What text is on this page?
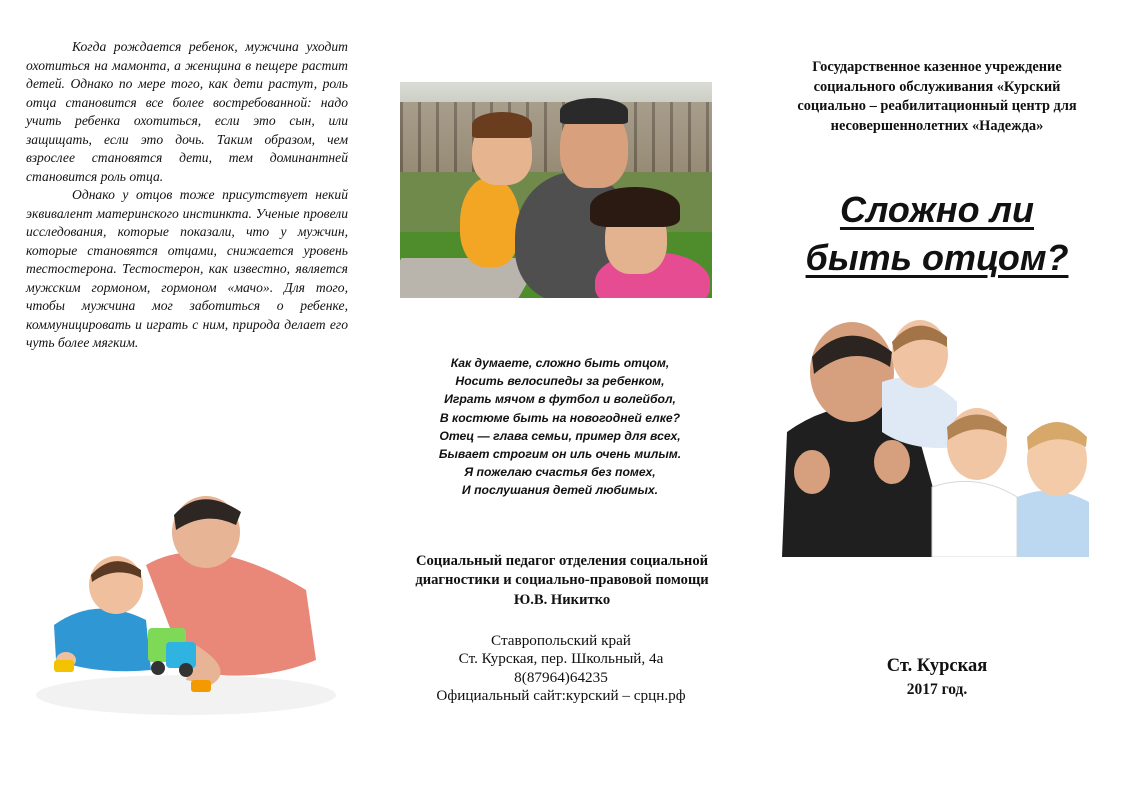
Когда рождается ребенок, мужчина уходит охотиться на мамонта, а женщина в пещере растит детей. Однако по мере того, как дети растут, роль отца становится все более востребованной: надо учить ребенка охотиться, если это сын, или защищать, если это дочь. Таким образом, чем взрослее становятся дети, тем доминантней становится роль отца.

Однако у отцов тоже присутствует некий эквивалент материнского инстинкта. Ученые провели исследования, которые показали, что у мужчин, которые становятся отцами, снижается уровень тестостерона. Тестостерон, как известно, является мужским гормоном, гормоном «мачо». Для того, чтобы мужчина мог заботиться о ребенке, коммуницировать и играть с ним, природа делает его чуть более мягким.

Как думаете, сложно быть отцом,
Носить велосипеды за ребенком,
Играть мячом в футбол и волейбол,
В костюме быть на новогодней елке?
Отец — глава семьи, пример для всех,
Бывает строгим он иль очень милым.
Я пожелаю счастья без помех,
И послушания детей любимых.
Социальный педагог отделения социальной
диагностики и социально-правовой помощи
Ю.В. Никитко
Ставропольский край
Ст. Курская, пер. Школьный, 4а
8(87964)64235
Официальный сайт:курский – срцн.рф
Государственное казенное учреждение
социального обслуживания «Курский
социально – реабилитационный центр для
несовершеннолетних «Надежда»
Сложно ли
быть отцом?
Ст. Курская
2017 год.
